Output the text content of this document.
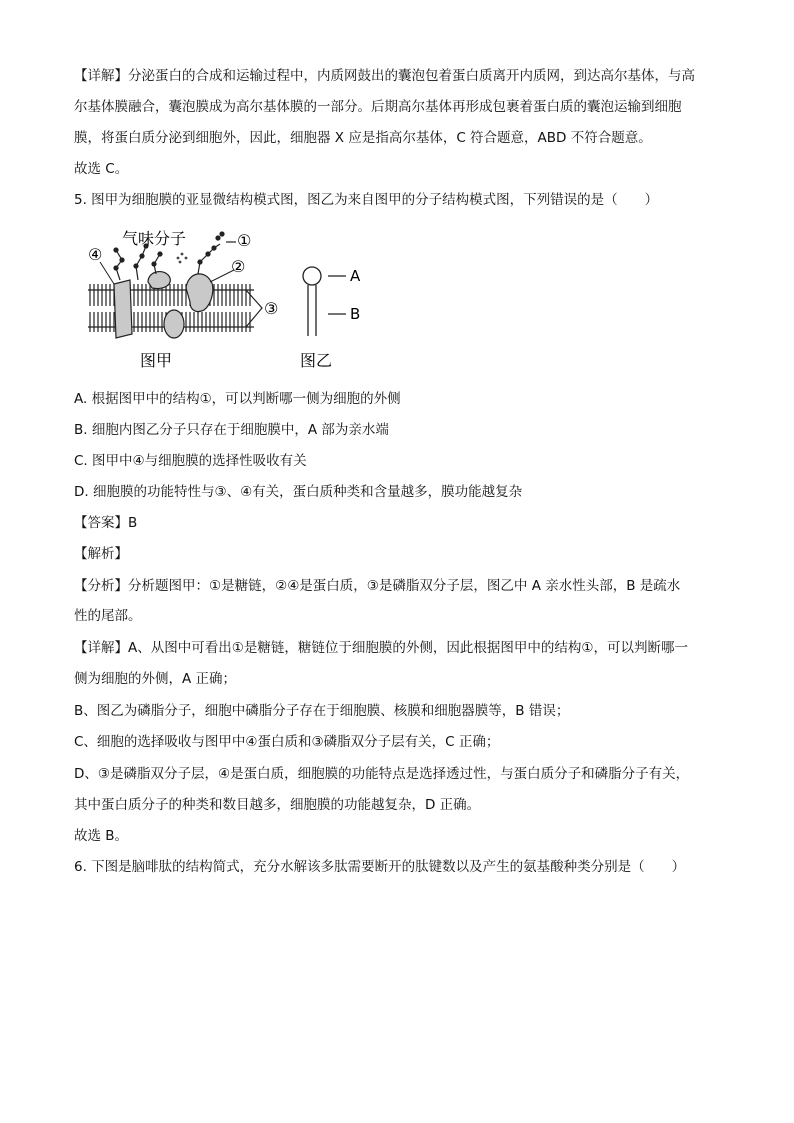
【详解】分泌蛋白的合成和运输过程中，内质网鼓出的囊泡包着蛋白质离开内质网，到达高尔基体，与高
尔基体膜融合，囊泡膜成为高尔基体膜的一部分。后期高尔基体再形成包裹着蛋白质的囊泡运输到细胞
膜，将蛋白质分泌到细胞外，因此，细胞器 X 应是指高尔基体，C 符合题意，ABD 不符合题意。
故选 C。
5. 图甲为细胞膜的亚显微结构模式图，图乙为来自图甲的分子结构模式图，下列错误的是（　　）
气味分子	①
②
③
④
图甲
A
B
图乙
A. 根据图甲中的结构①，可以判断哪一侧为细胞的外侧
B. 细胞内图乙分子只存在于细胞膜中，A 部为亲水端
C. 图甲中④与细胞膜的选择性吸收有关
D. 细胞膜的功能特性与③、④有关，蛋白质种类和含量越多，膜功能越复杂
【答案】B
【解析】
【分析】分析题图甲：①是糖链，②④是蛋白质，③是磷脂双分子层，图乙中 A 亲水性头部，B 是疏水
性的尾部。
【详解】A、从图中可看出①是糖链，糖链位于细胞膜的外侧，因此根据图甲中的结构①，可以判断哪一
侧为细胞的外侧，A 正确；
B、图乙为磷脂分子，细胞中磷脂分子存在于细胞膜、核膜和细胞器膜等，B 错误；
C、细胞的选择吸收与图甲中④蛋白质和③磷脂双分子层有关，C 正确；
D、③是磷脂双分子层，④是蛋白质，细胞膜的功能特点是选择透过性，与蛋白质分子和磷脂分子有关，
其中蛋白质分子的种类和数目越多，细胞膜的功能越复杂，D 正确。
故选 B。
6. 下图是脑啡肽的结构简式，充分水解该多肽需要断开的肽键数以及产生的氨基酸种类分别是（　　）
